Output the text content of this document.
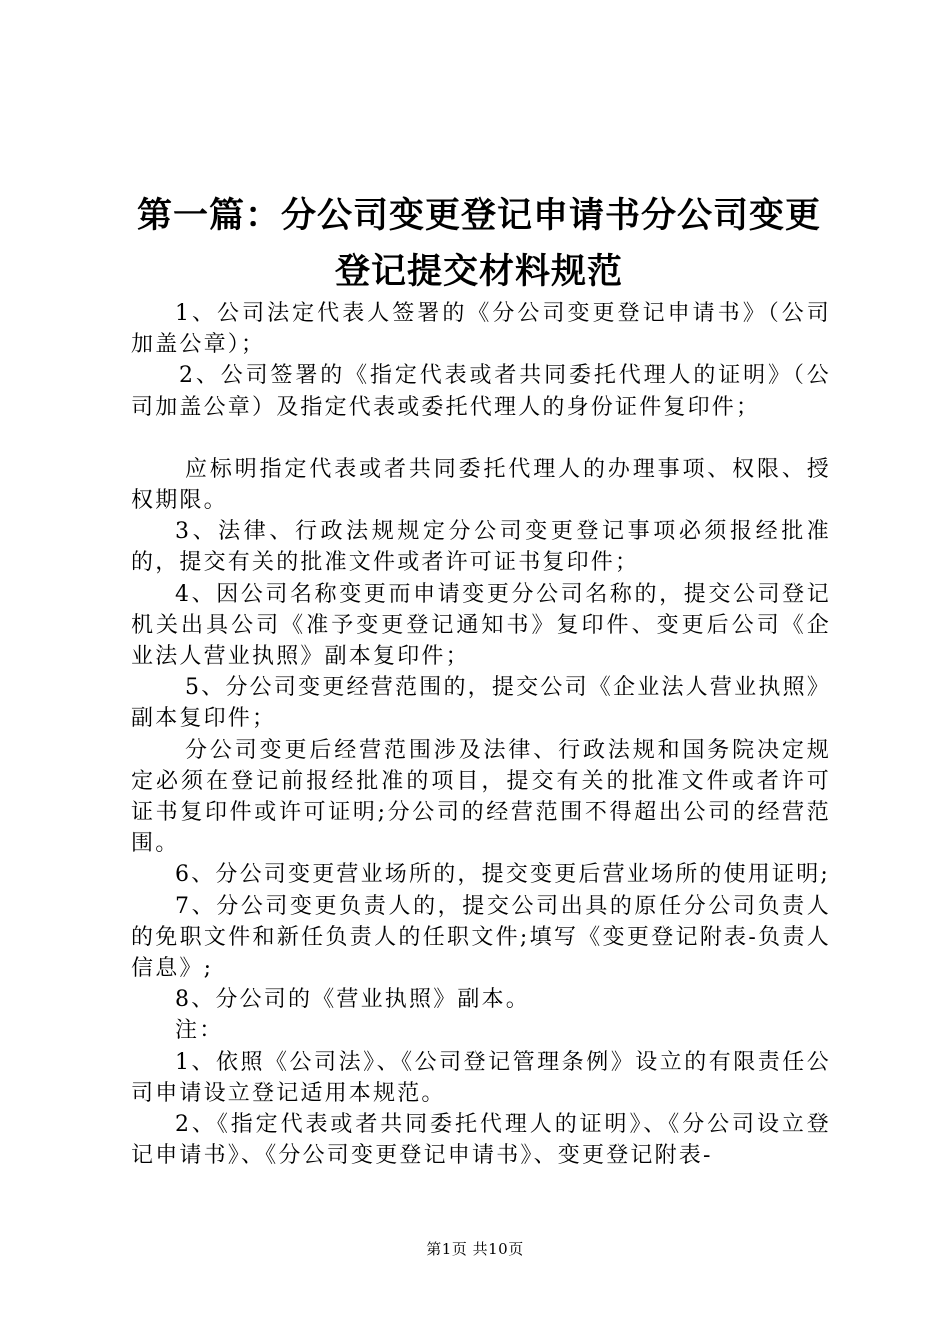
第一篇：分公司变更登记申请书分公司变更登记提交材料规范

1、公司法定代表人签署的《分公司变更登记申请书》（公司加盖公章）；

2、公司签署的《指定代表或者共同委托代理人的证明》（公司加盖公章）及指定代表或委托代理人的身份证件复印件；

应标明指定代表或者共同委托代理人的办理事项、权限、授权期限。

3、法律、行政法规规定分公司变更登记事项必须报经批准的，提交有关的批准文件或者许可证书复印件；

4、因公司名称变更而申请变更分公司名称的，提交公司登记机关出具公司《准予变更登记通知书》复印件、变更后公司《企业法人营业执照》副本复印件；

5、分公司变更经营范围的，提交公司《企业法人营业执照》副本复印件；

分公司变更后经营范围涉及法律、行政法规和国务院决定规定必须在登记前报经批准的项目，提交有关的批准文件或者许可证书复印件或许可证明;分公司的经营范围不得超出公司的经营范围。

6、分公司变更营业场所的，提交变更后营业场所的使用证明;

7、分公司变更负责人的，提交公司出具的原任分公司负责人的免职文件和新任负责人的任职文件;填写《变更登记附表-负责人信息》;

8、分公司的《营业执照》副本。

注：

1、依照《公司法》、《公司登记管理条例》设立的有限责任公司申请设立登记适用本规范。

2、《指定代表或者共同委托代理人的证明》、《分公司设立登记申请书》、《分公司变更登记申请书》、变更登记附表-

第1页 共10页
